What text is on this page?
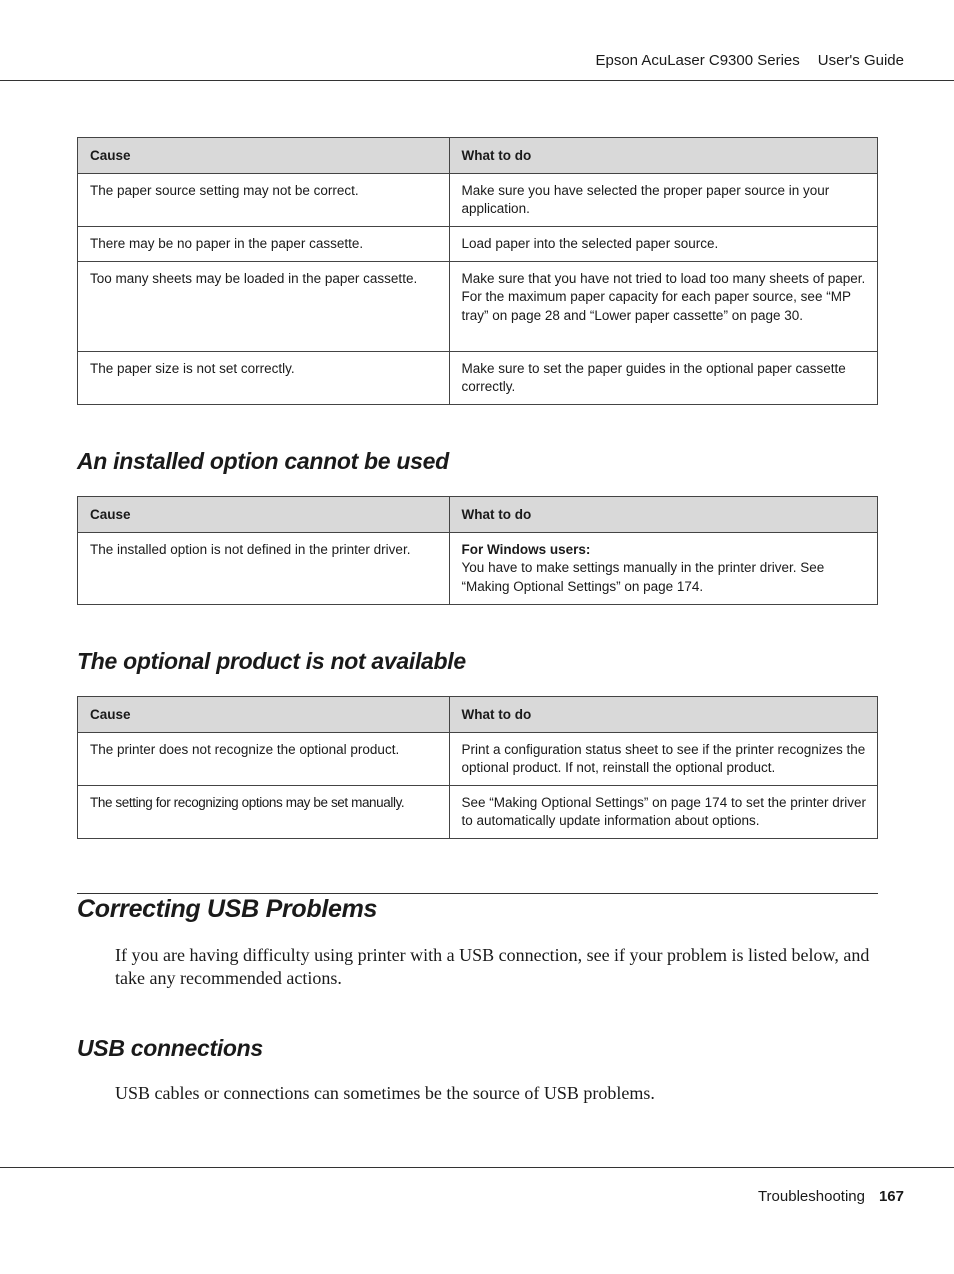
Epson AcuLaser C9300 Series User's Guide
Cause	What to do
The paper source setting may not be correct.	Make sure you have selected the proper paper source in your application.
There may be no paper in the paper cassette.	Load paper into the selected paper source.
Too many sheets may be loaded in the paper cassette.	Make sure that you have not tried to load too many sheets of paper. For the maximum paper capacity for each paper source, see “MP tray” on page 28 and “Lower paper cassette” on page 30.
The paper size is not set correctly.	Make sure to set the paper guides in the optional paper cassette correctly.
An installed option cannot be used
Cause	What to do
The installed option is not defined in the printer driver.	For Windows users:
You have to make settings manually in the printer driver. See “Making Optional Settings” on page 174.
The optional product is not available
Cause	What to do
The printer does not recognize the optional product.	Print a configuration status sheet to see if the printer recognizes the optional product. If not, reinstall the optional product.
The setting for recognizing options may be set manually.	See “Making Optional Settings” on page 174 to set the printer driver to automatically update information about options.
Correcting USB Problems

If you are having difficulty using printer with a USB connection, see if your problem is listed below, and take any recommended actions.

USB connections

USB cables or connections can sometimes be the source of USB problems.

Troubleshooting 167
